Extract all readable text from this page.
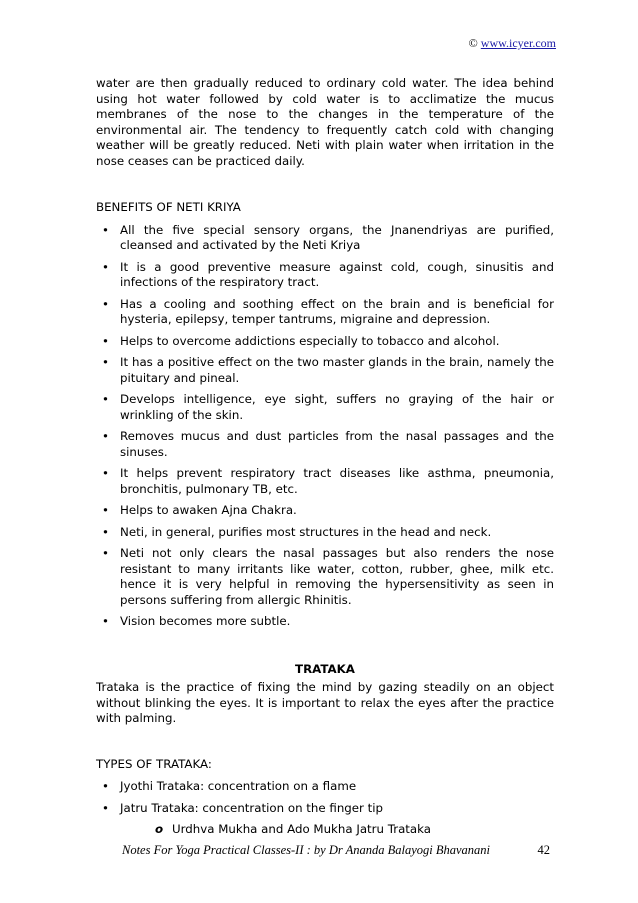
© www.icyer.com

water are then gradually reduced to ordinary cold water. The idea behind using hot water followed by cold water is to acclimatize the mucus membranes of the nose to the changes in the temperature of the environmental air. The tendency to frequently catch cold with changing weather will be greatly reduced. Neti with plain water when irritation in the nose ceases can be practiced daily.

BENEFITS OF NETI KRIYA

• All the five special sensory organs, the Jnanendriyas are purified, cleansed and activated by the Neti Kriya
• It is a good preventive measure against cold, cough, sinusitis and infections of the respiratory tract.
• Has a cooling and soothing effect on the brain and is beneficial for hysteria, epilepsy, temper tantrums, migraine and depression.
• Helps to overcome addictions especially to tobacco and alcohol.
• It has a positive effect on the two master glands in the brain, namely the pituitary and pineal.
• Develops intelligence, eye sight, suffers no graying of the hair or wrinkling of the skin.
• Removes mucus and dust particles from the nasal passages and the sinuses.
• It helps prevent respiratory tract diseases like asthma, pneumonia, bronchitis, pulmonary TB, etc.
• Helps to awaken Ajna Chakra.
• Neti, in general, purifies most structures in the head and neck.
• Neti not only clears the nasal passages but also renders the nose resistant to many irritants like water, cotton, rubber, ghee, milk etc. hence it is very helpful in removing the hypersensitivity as seen in persons suffering from allergic Rhinitis.
• Vision becomes more subtle.

TRATAKA

Trataka is the practice of fixing the mind by gazing steadily on an object without blinking the eyes. It is important to relax the eyes after the practice with palming.

TYPES OF TRATAKA:

• Jyothi Trataka: concentration on a flame
• Jatru Trataka: concentration on the finger tip
o Urdhva Mukha and Ado Mukha Jatru Trataka
Notes For Yoga Practical Classes-II : by Dr Ananda Balayogi Bhavanani	42
